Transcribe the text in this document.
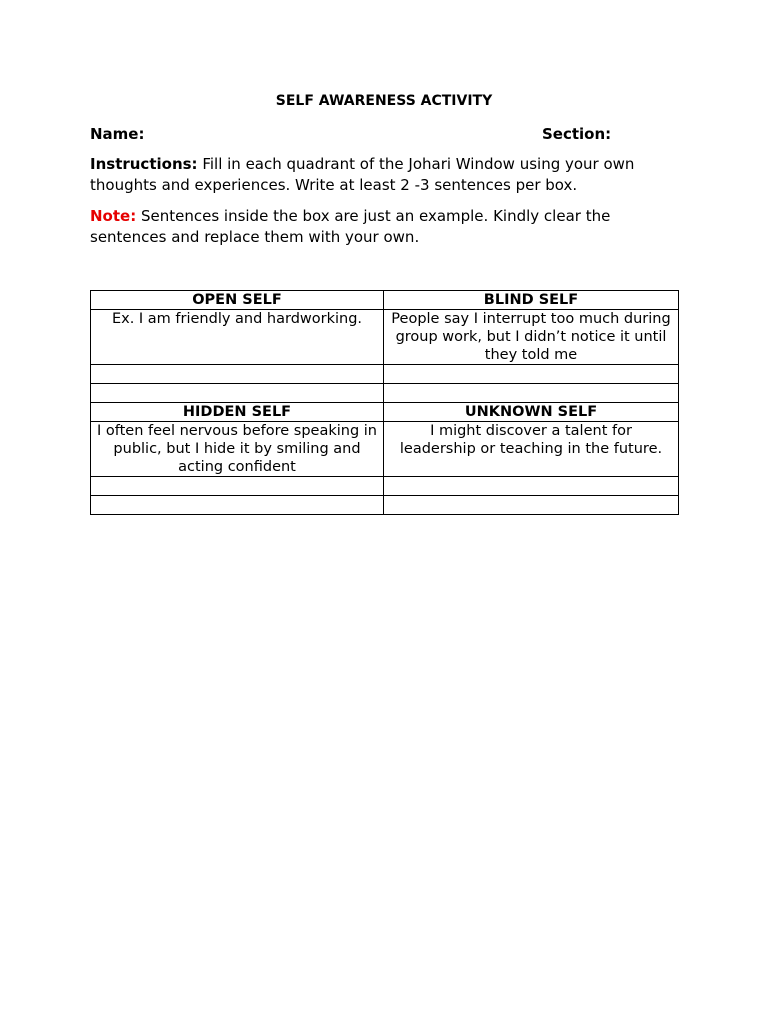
SELF AWARENESS ACTIVITY
Name:	Section:
Instructions: Fill in each quadrant of the Johari Window using your own thoughts and experiences. Write at least 2 -3 sentences per box.
Note: Sentences inside the box are just an example. Kindly clear the sentences and replace them with your own.
OPEN SELF	BLIND SELF
Ex. I am friendly and hardworking.	People say I interrupt too much during group work, but I didn’t notice it until they told me

HIDDEN SELF	UNKNOWN SELF
I often feel nervous before speaking in public, but I hide it by smiling and acting confident	I might discover a talent for leadership or teaching in the future.
